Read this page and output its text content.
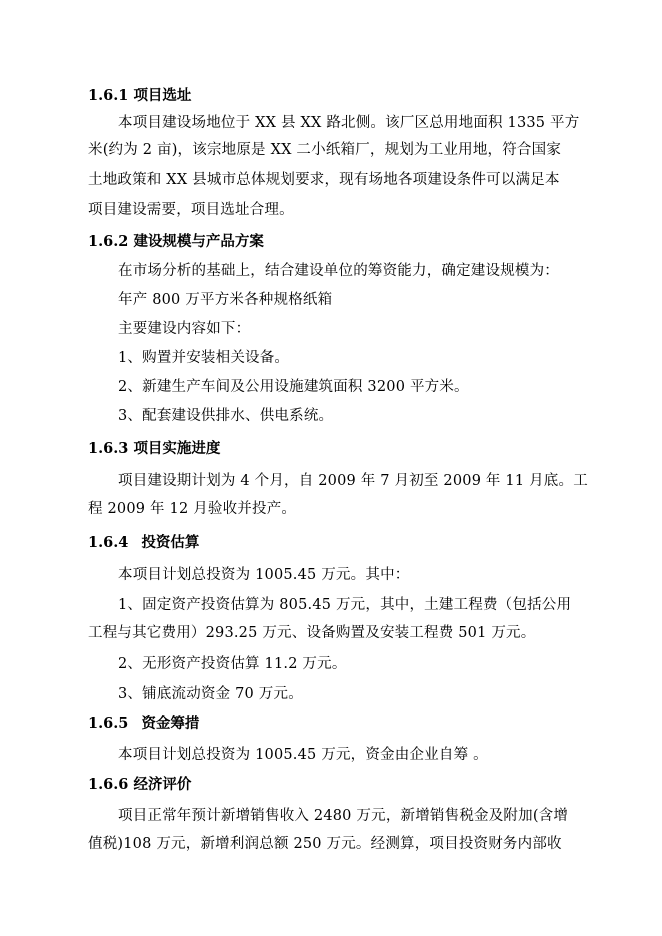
1.6.1 项目选址
本项目建设场地位于 XX 县 XX 路北侧。该厂区总用地面积 1335 平方
米(约为 2 亩)，该宗地原是 XX 二小纸箱厂，规划为工业用地，符合国家
土地政策和 XX 县城市总体规划要求，现有场地各项建设条件可以满足本
项目建设需要，项目选址合理。
1.6.2 建设规模与产品方案
在市场分析的基础上，结合建设单位的筹资能力，确定建设规模为：
年产 800 万平方米各种规格纸箱
主要建设内容如下：
1、购置并安装相关设备。
2、新建生产车间及公用设施建筑面积 3200 平方米。
3、配套建设供排水、供电系统。
1.6.3 项目实施进度
项目建设期计划为 4 个月，自 2009 年 7 月初至 2009 年 11 月底。工
程 2009 年 12 月验收并投产。
1.6.4 投资估算
本项目计划总投资为 1005.45 万元。其中：
1、固定资产投资估算为 805.45 万元，其中，土建工程费（包括公用
工程与其它费用）293.25 万元、设备购置及安装工程费 501 万元。
2、无形资产投资估算 11.2 万元。
3、铺底流动资金 70 万元。
1.6.5 资金筹措
本项目计划总投资为 1005.45 万元，资金由企业自筹 。
1.6.6 经济评价
项目正常年预计新增销售收入 2480 万元，新增销售税金及附加(含增
值税)108 万元，新增利润总额 250 万元。经测算，项目投资财务内部收
